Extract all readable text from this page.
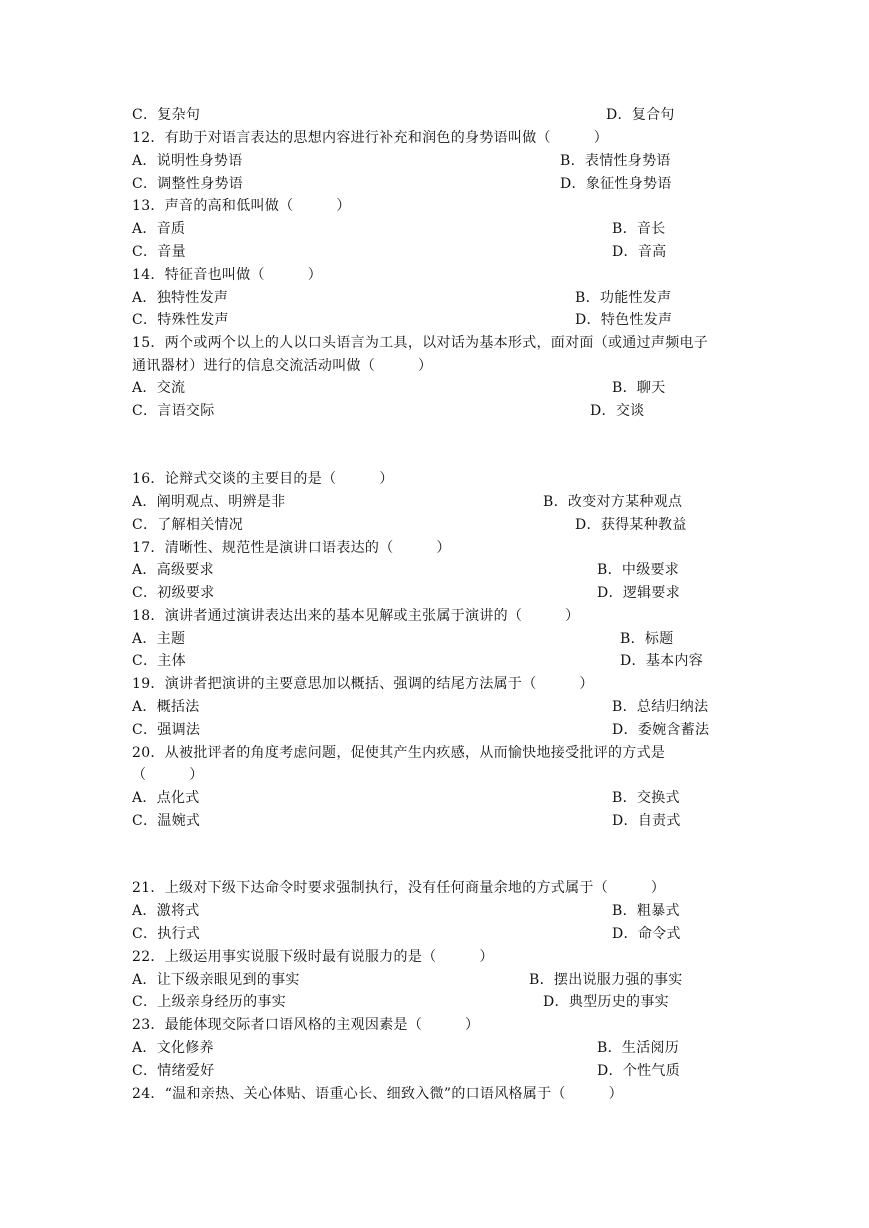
C．复杂句	D．复合句
12．有助于对语言表达的思想内容进行补充和润色的身势语叫做（　　　）
A．说明性身势语	B．表情性身势语
C．调整性身势语	D．象征性身势语
13．声音的高和低叫做（　　　）
A．音质	B．音长
C．音量	D．音高
14．特征音也叫做（　　　）
A．独特性发声	B．功能性发声
C．特殊性发声	D．特色性发声
15．两个或两个以上的人以口头语言为工具，以对话为基本形式，面对面（或通过声频电子
通讯器材）进行的信息交流活动叫做（　　　）
A．交流	B．聊天
C．言语交际	D．交谈
16．论辩式交谈的主要目的是（　　　）
A．阐明观点、明辨是非	B．改变对方某种观点
C．了解相关情况	D．获得某种教益
17．清晰性、规范性是演讲口语表达的（　　　）
A．高级要求	B．中级要求
C．初级要求	D．逻辑要求
18．演讲者通过演讲表达出来的基本见解或主张属于演讲的（　　　）
A．主题	B．标题
C．主体	D．基本内容
19．演讲者把演讲的主要意思加以概括、强调的结尾方法属于（　　　）
A．概括法	B．总结归纳法
C．强调法	D．委婉含蓄法
20．从被批评者的角度考虑问题，促使其产生内疚感，从而愉快地接受批评的方式是
（　　　）
A．点化式	B．交换式
C．温婉式	D．自责式
21．上级对下级下达命令时要求强制执行，没有任何商量余地的方式属于（　　　）
A．激将式	B．粗暴式
C．执行式	D．命令式
22．上级运用事实说服下级时最有说服力的是（　　　）
A．让下级亲眼见到的事实	B．摆出说服力强的事实
C．上级亲身经历的事实	D．典型历史的事实
23．最能体现交际者口语风格的主观因素是（　　　）
A．文化修养	B．生活阅历
C．情绪爱好	D．个性气质
24．“温和亲热、关心体贴、语重心长、细致入微”的口语风格属于（　　　）
